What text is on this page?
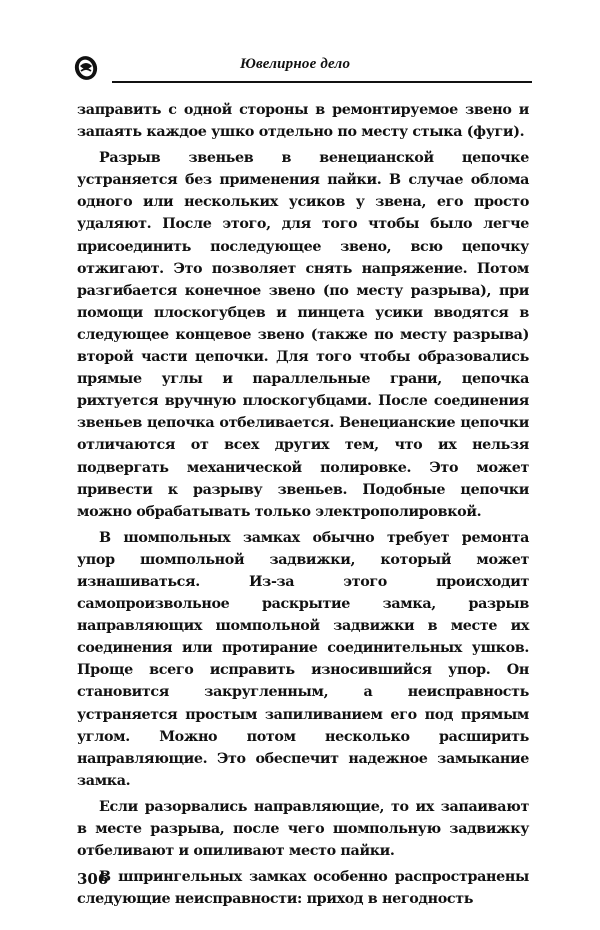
Ювелирное дело

заправить с одной стороны в ремонтируемое звено и запаять каждое ушко отдельно по месту стыка (фуги).

Разрыв звеньев в венецианской цепочке устраняется без применения пайки. В случае облома одного или нескольких усиков у звена, его просто удаляют. После этого, для того чтобы было легче присоединить последующее звено, всю цепочку отжигают. Это позволяет снять напряжение. Потом разгибается конечное звено (по месту разрыва), при помощи плоскогубцев и пинцета усики вводятся в следующее концевое звено (также по месту разрыва) второй части цепочки. Для того чтобы образовались прямые углы и параллельные грани, цепочка рихтуется вручную плоскогубцами. После соединения звеньев цепочка отбеливается. Венецианские цепочки отличаются от всех других тем, что их нельзя подвергать механической полировке. Это может привести к разрыву звеньев. Подобные цепочки можно обрабатывать только электрополировкой.

В шомпольных замках обычно требует ремонта упор шомпольной задвижки, который может изнашиваться. Из-за этого происходит самопроизвольное раскрытие замка, разрыв направляющих шомпольной задвижки в месте их соединения или протирание соединительных ушков. Проще всего исправить износившийся упор. Он становится закругленным, а неисправность устраняется простым запиливанием его под прямым углом. Можно потом несколько расширить направляющие. Это обеспечит надежное замыкание замка.

Если разорвались направляющие, то их запаивают в месте разрыва, после чего шомпольную задвижку отбеливают и опиливают место пайки.

В шпрингельных замках особенно распространены следующие неисправности: приход в негодность

306
